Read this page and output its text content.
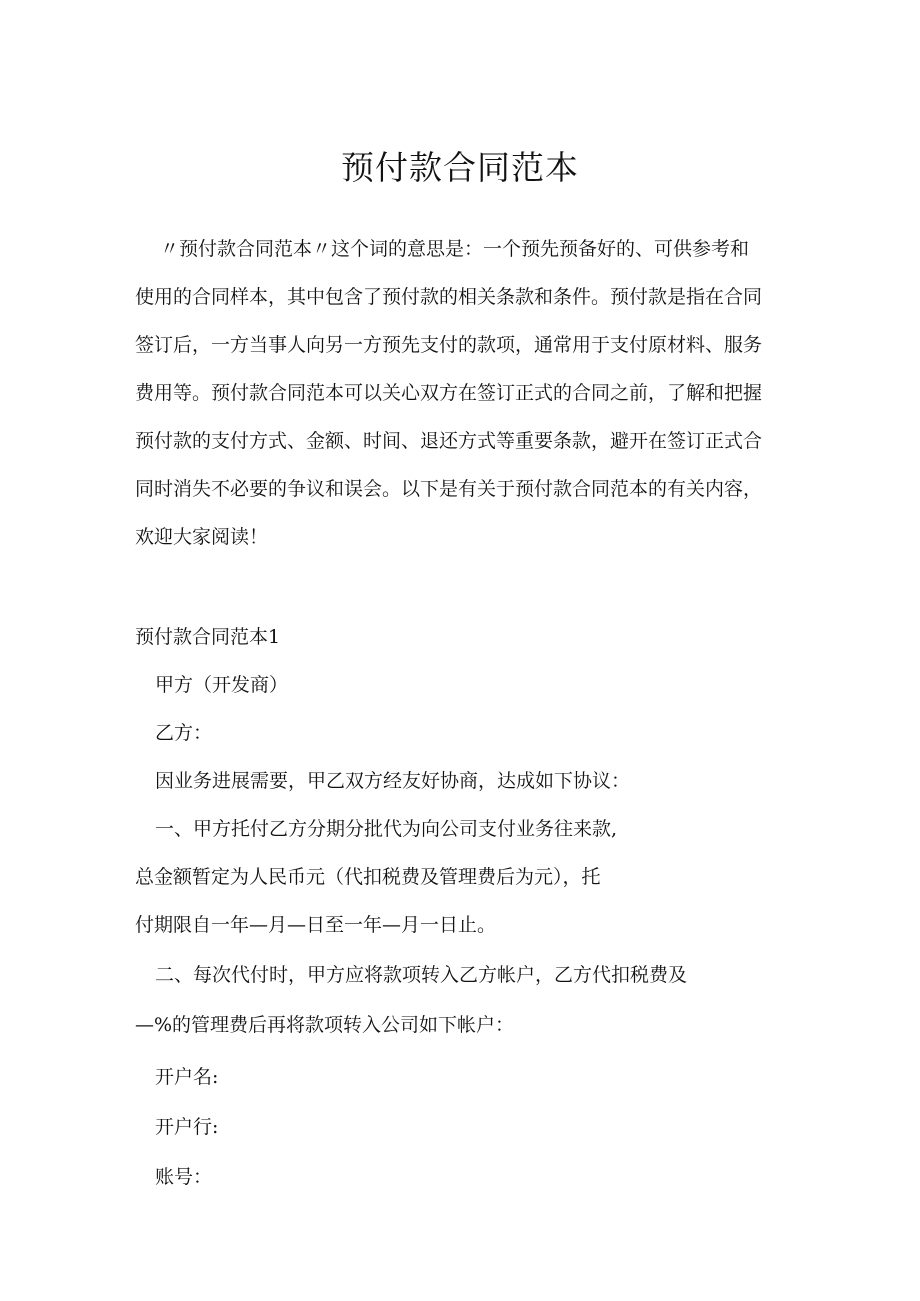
预付款合同范本
〃预付款合同范本〃这个词的意思是：一个预先预备好的、可供参考和
使用的合同样本，其中包含了预付款的相关条款和条件。预付款是指在合同
签订后，一方当事人向另一方预先支付的款项，通常用于支付原材料、服务
费用等。预付款合同范本可以关心双方在签订正式的合同之前，了解和把握
预付款的支付方式、金额、时间、退还方式等重要条款，避开在签订正式合
同时消失不必要的争议和误会。以下是有关于预付款合同范本的有关内容，
欢迎大家阅读！
预付款合同范本1
甲方（开发商）
乙方：
因业务进展需要，甲乙双方经友好协商，达成如下协议：
一、甲方托付乙方分期分批代为向公司支付业务往来款,
总金额暂定为人民币元（代扣税费及管理费后为元），托
付期限自一年—月—日至一年—月一日止。
二、每次代付时，甲方应将款项转入乙方帐户，乙方代扣税费及
—%的管理费后再将款项转入公司如下帐户：
开户名:
开户行:
账号：
